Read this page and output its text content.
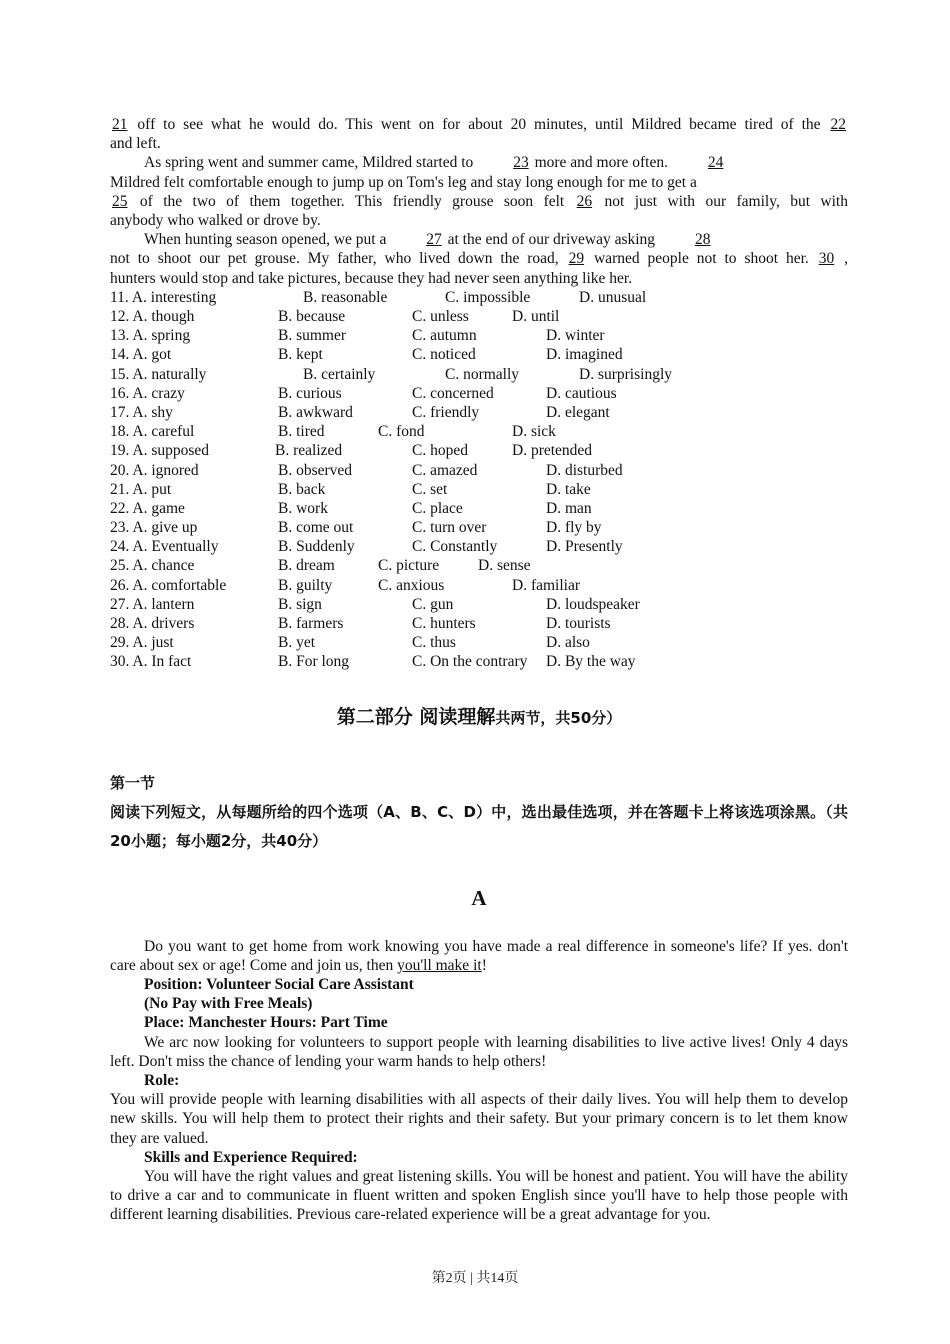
21 off to see what he would do. This went on for about 20 minutes, until Mildred became tired of the 22

and left.

As spring went and summer came, Mildred started to 23 more and more often. 24

Mildred felt comfortable enough to jump up on Tom's leg and stay long enough for me to get a

25 of the two of them together. This friendly grouse soon felt 26 not just with our family, but with

anybody who walked or drove by.

When hunting season opened, we put a 27 at the end of our driveway asking 28

not to shoot our pet grouse. My father, who lived down the road, 29 warned people not to shoot her. 30 ,

hunters would stop and take pictures, because they had never seen anything like her.

11. A. interesting	B. reasonable	C. impossible	D. unusual
12. A. though	B. because	C. unless	D. until
13. A. spring	B. summer	C. autumn	D. winter
14. A. got	B. kept	C. noticed	D. imagined
15. A. naturally	B. certainly	C. normally	D. surprisingly
16. A. crazy	B. curious	C. concerned	D. cautious
17. A. shy	B. awkward	C. friendly	D. elegant
18. A. careful	B. tired	C. fond	D. sick
19. A. supposed	B. realized	C. hoped	D. pretended
20. A. ignored	B. observed	C. amazed	D. disturbed
21. A. put	B. back	C. set	D. take
22. A. game	B. work	C. place	D. man
23. A. give up	B. come out	C. turn over	D. fly by
24. A. Eventually	B. Suddenly	C. Constantly	D. Presently
25. A. chance	B. dream	C. picture	D. sense
26. A. comfortable	B. guilty	C. anxious	D. familiar
27. A. lantern	B. sign	C. gun	D. loudspeaker
28. A. drivers	B. farmers	C. hunters	D. tourists
29. A. just	B. yet	C. thus	D. also
30. A. In fact	B. For long	C. On the contrary D. By the way
第二部分 阅读理解共两节，共50分）
第一节
阅读下列短文，从每题所给的四个选项（A、B、C、D）中，选出最佳选项，并在答题卡上将该选项涂黑。（共20小题；每小题2分，共40分）
A

Do you want to get home from work knowing you have made a real difference in someone's life? If yes. don't care about sex or age! Come and join us, then you'll make it!

Position: Volunteer Social Care Assistant

(No Pay with Free Meals)

Place: Manchester Hours: Part Time

We arc now looking for volunteers to support people with learning disabilities to live active lives! Only 4 days left. Don't miss the chance of lending your warm hands to help others!

Role:

You will provide people with learning disabilities with all aspects of their daily lives. You will help them to develop new skills. You will help them to protect their rights and their safety. But your primary concern is to let them know they are valued.

Skills and Experience Required:

You will have the right values and great listening skills. You will be honest and patient. You will have the ability to drive a car and to communicate in fluent written and spoken English since you'll have to help those people with different learning disabilities. Previous care-related experience will be a great advantage for you.

第2页 | 共14页
